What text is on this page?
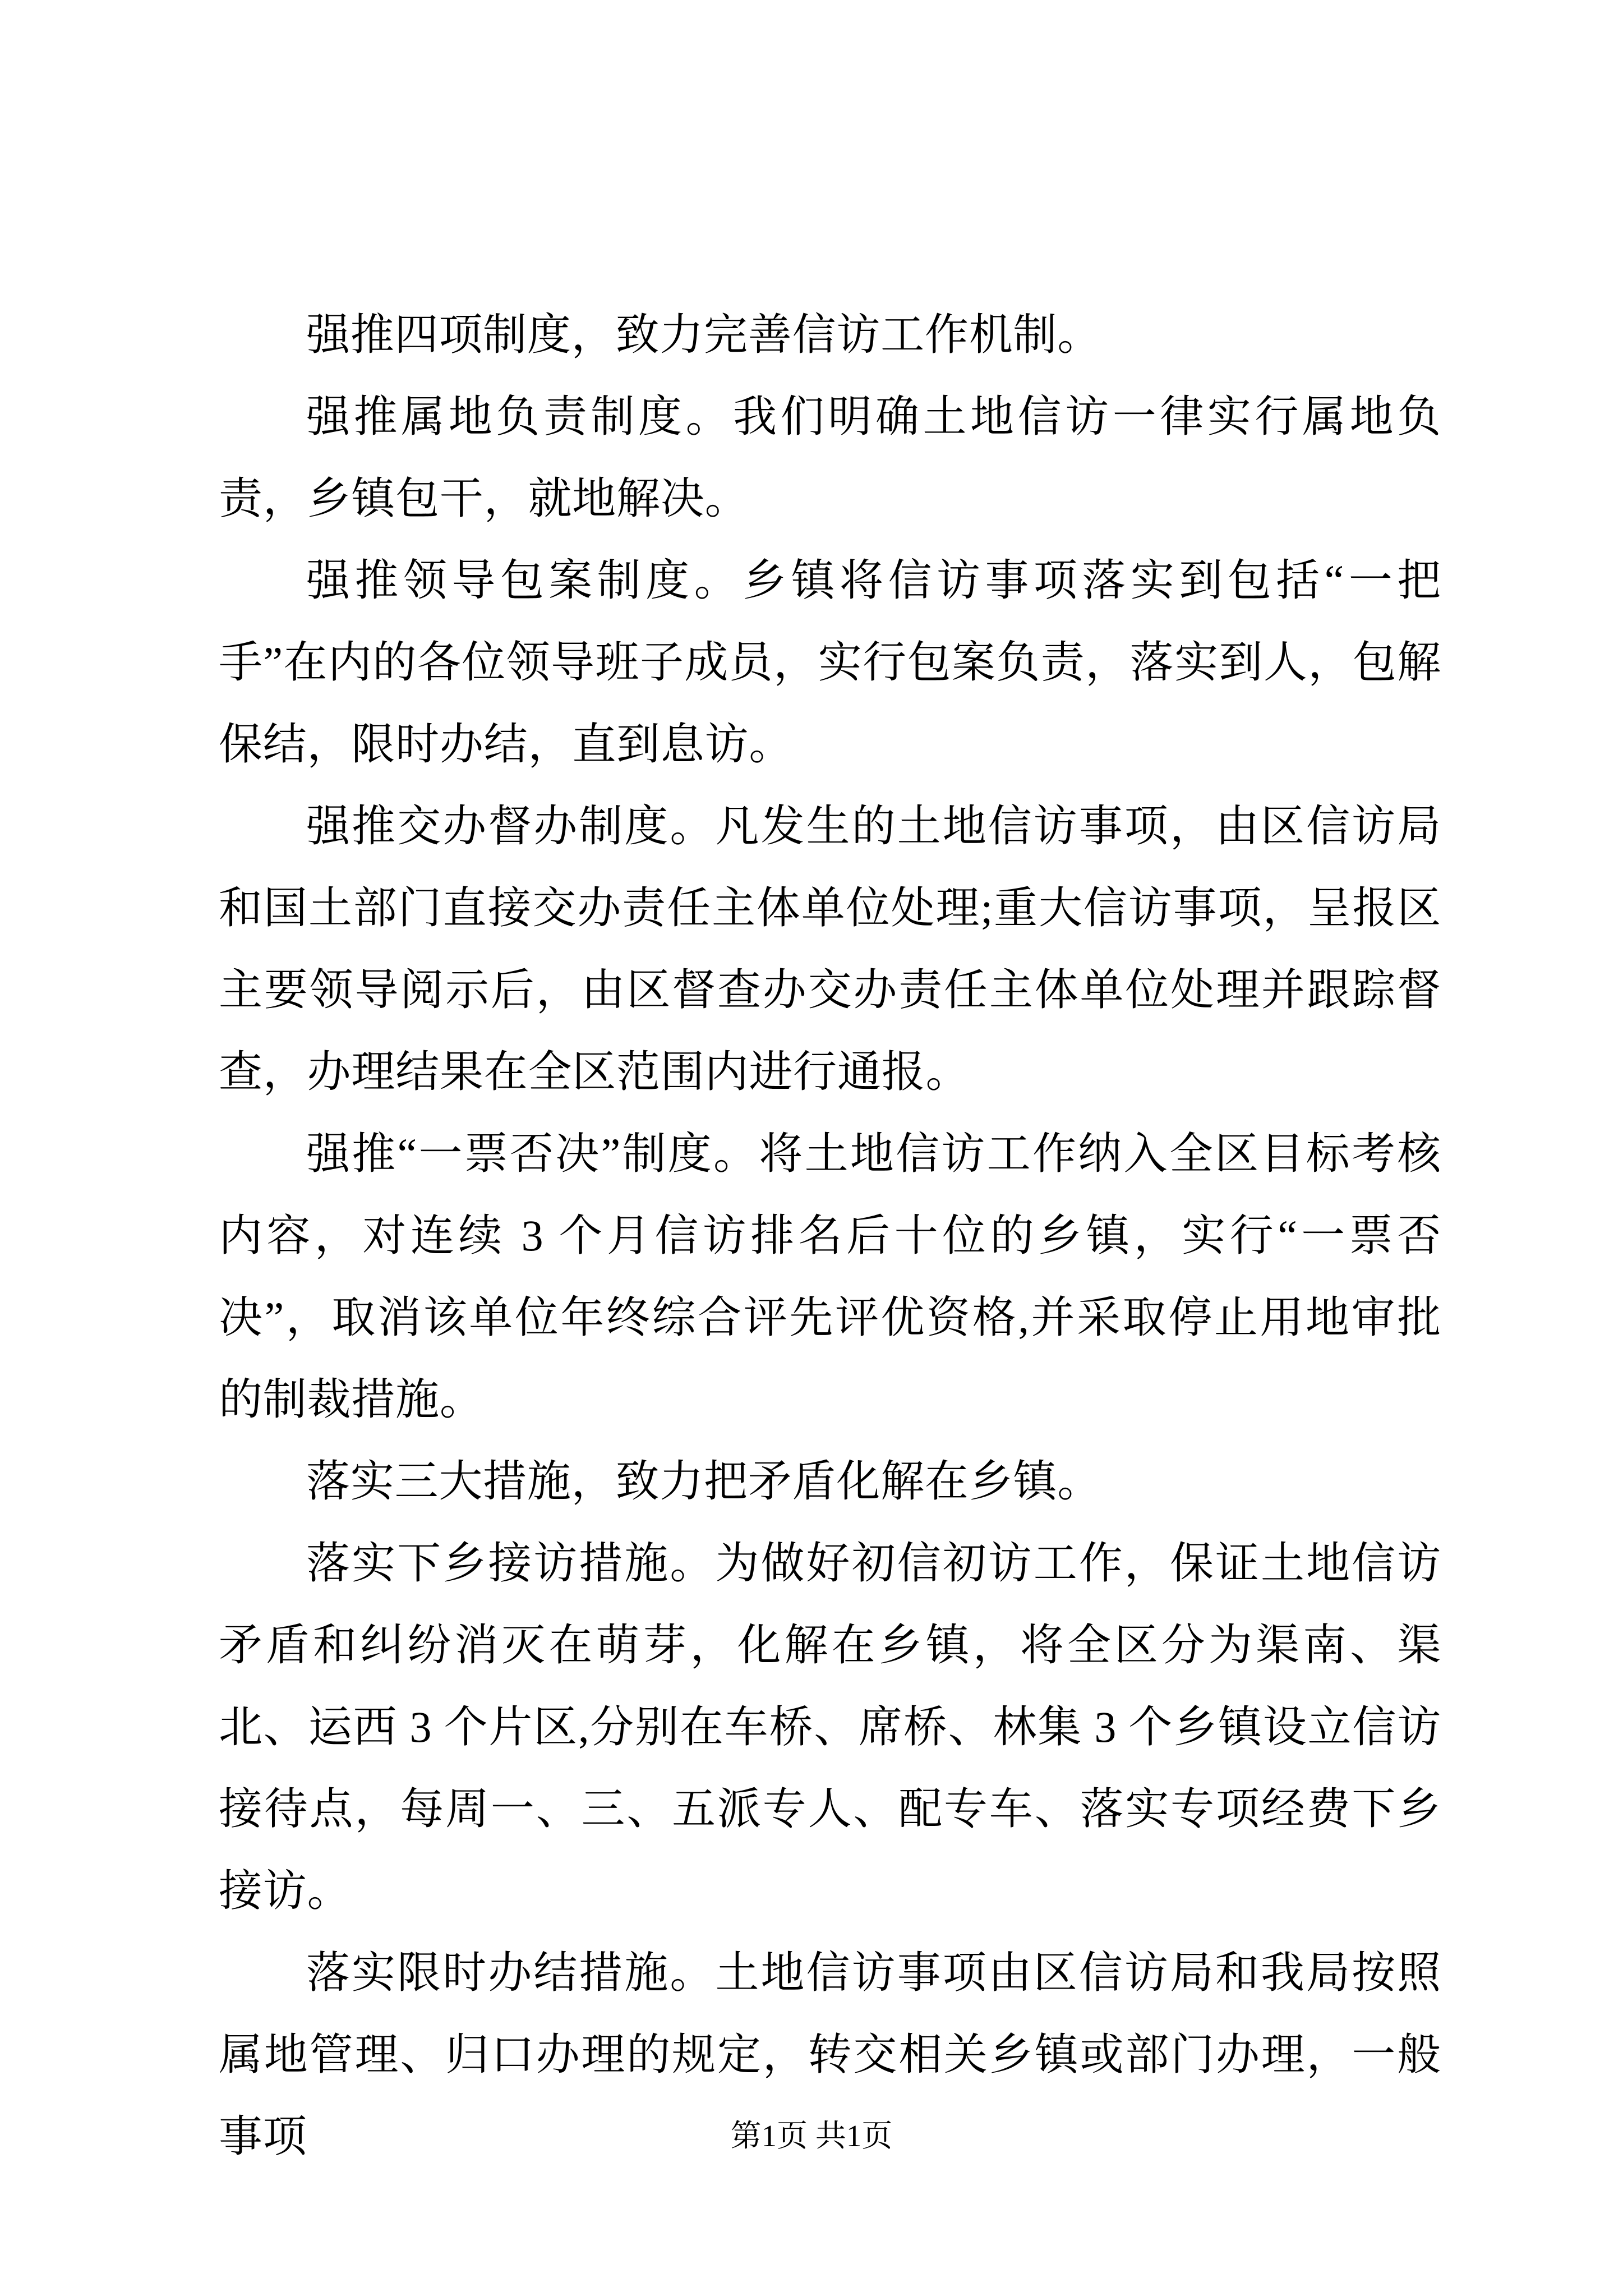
强推四项制度，致力完善信访工作机制。

强推属地负责制度。我们明确土地信访一律实行属地负责，乡镇包干，就地解决。

强推领导包案制度。乡镇将信访事项落实到包括“一把手”在内的各位领导班子成员，实行包案负责，落实到人，包解保结，限时办结，直到息访。

强推交办督办制度。凡发生的土地信访事项，由区信访局和国土部门直接交办责任主体单位处理;重大信访事项，呈报区主要领导阅示后，由区督查办交办责任主体单位处理并跟踪督查，办理结果在全区范围内进行通报。

强推“一票否决”制度。将土地信访工作纳入全区目标考核内容，对连续 3 个月信访排名后十位的乡镇，实行“一票否决”，取消该单位年终综合评先评优资格,并采取停止用地审批的制裁措施。

落实三大措施，致力把矛盾化解在乡镇。

落实下乡接访措施。为做好初信初访工作，保证土地信访矛盾和纠纷消灭在萌芽，化解在乡镇，将全区分为渠南、渠北、运西 3 个片区,分别在车桥、席桥、林集 3 个乡镇设立信访接待点，每周一、三、五派专人、配专车、落实专项经费下乡接访。

落实限时办结措施。土地信访事项由区信访局和我局按照属地管理、归口办理的规定，转交相关乡镇或部门办理，一般事项	第1页 共1页
